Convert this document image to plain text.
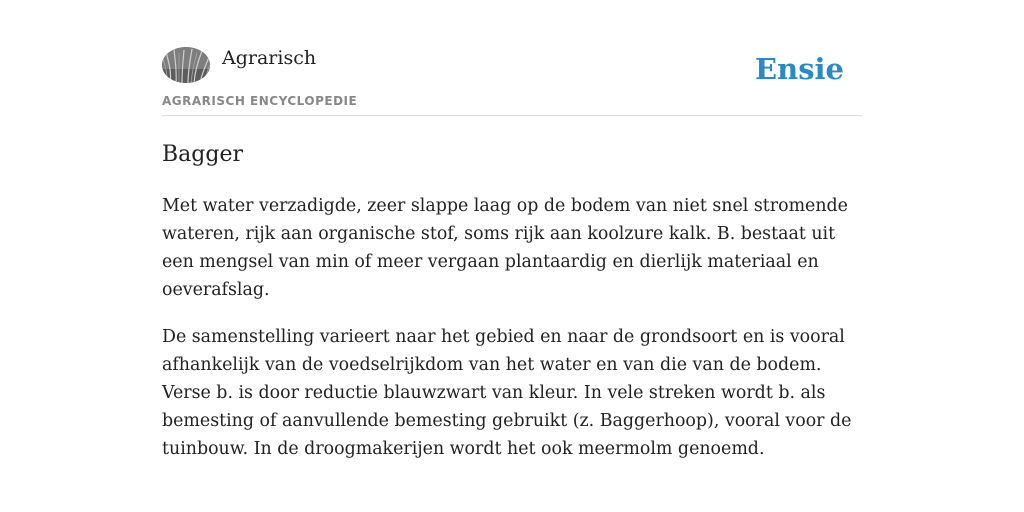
Agrarisch
AGRARISCH ENCYCLOPEDIE
Ensie
Bagger

Met water verzadigde, zeer slappe laag op de bodem van niet snel stromende wateren, rijk aan organische stof, soms rijk aan koolzure kalk. B. bestaat uit een mengsel van min of meer vergaan plantaardig en dierlijk materiaal en oeverafslag.

De samenstelling varieert naar het gebied en naar de grondsoort en is vooral afhankelijk van de voedselrijkdom van het water en van die van de bodem. Verse b. is door reductie blauwzwart van kleur. In vele streken wordt b. als bemesting of aanvullende bemesting gebruikt (z. Baggerhoop), vooral voor de tuinbouw. In de droogmakerijen wordt het ook meermolm genoemd.
